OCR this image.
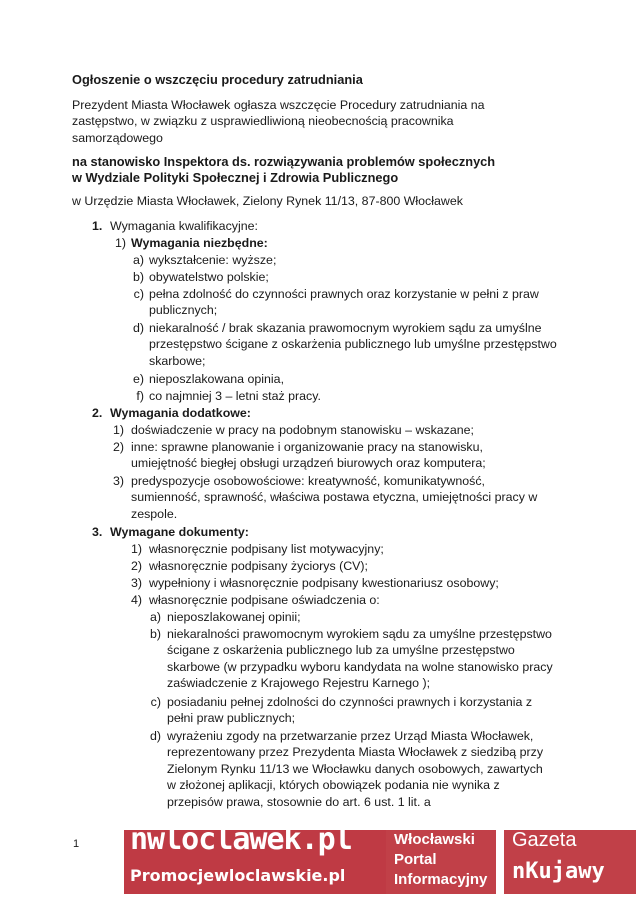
Ogłoszenie o wszczęciu procedury zatrudniania
Prezydent Miasta Włocławek ogłasza wszczęcie Procedury zatrudniania na zastępstwo, w związku z usprawiedliwioną nieobecnością pracownika samorządowego
na stanowisko Inspektora ds. rozwiązywania problemów społecznych
w Wydziale Polityki Społecznej i Zdrowia Publicznego
w Urzędzie Miasta Włocławek, Zielony Rynek 11/13, 87-800 Włocławek
1. Wymagania kwalifikacyjne:
1) Wymagania niezbędne:
a) wykształcenie: wyższe;
b) obywatelstwo polskie;
c) pełna zdolność do czynności prawnych oraz korzystanie w pełni z praw publicznych;
d) niekaralność / brak skazania prawomocnym wyrokiem sądu za umyślne przestępstwo ścigane z oskarżenia publicznego lub umyślne przestępstwo skarbowe;
e) nieposzlakowana opinia,
f) co najmniej 3 – letni staż pracy.
2. Wymagania dodatkowe:
1) doświadczenie w pracy na podobnym stanowisku – wskazane;
2) inne: sprawne planowanie i organizowanie pracy na stanowisku, umiejętność biegłej obsługi urządzeń biurowych oraz komputera;
3) predyspozycje osobowościowe: kreatywność, komunikatywność, sumienność, sprawność, właściwa postawa etyczna, umiejętności pracy w zespole.
3. Wymagane dokumenty:
1) własnoręcznie podpisany list motywacyjny;
2) własnoręcznie podpisany życiorys (CV);
3) wypełniony i własnoręcznie podpisany kwestionariusz osobowy;
4) własnoręcznie podpisane oświadczenia o:
a) nieposzlakowanej opinii;
b) niekaralności prawomocnym wyrokiem sądu za umyślne przestępstwo ścigane z oskarżenia publicznego lub za umyślne przestępstwo skarbowe (w przypadku wyboru kandydata na wolne stanowisko pracy zaświadczenie z Krajowego Rejestru Karnego );
c) posiadaniu pełnej zdolności do czynności prawnych i korzystania z pełni praw publicznych;
d) wyrażeniu zgody na przetwarzanie przez Urząd Miasta Włocławek, reprezentowany przez Prezydenta Miasta Włocławek z siedzibą przy Zielonym Rynku 11/13 we Włocławku danych osobowych, zawartych w złożonej aplikacji, których obowiązek podania nie wynika z przepisów prawa, stosownie do art. 6 ust. 1 lit. a
1 nwloclawek.pl
Promocjewloclawskie.pl
Włocławski
Portal
Informacyjny
Gazeta
nKujawy
